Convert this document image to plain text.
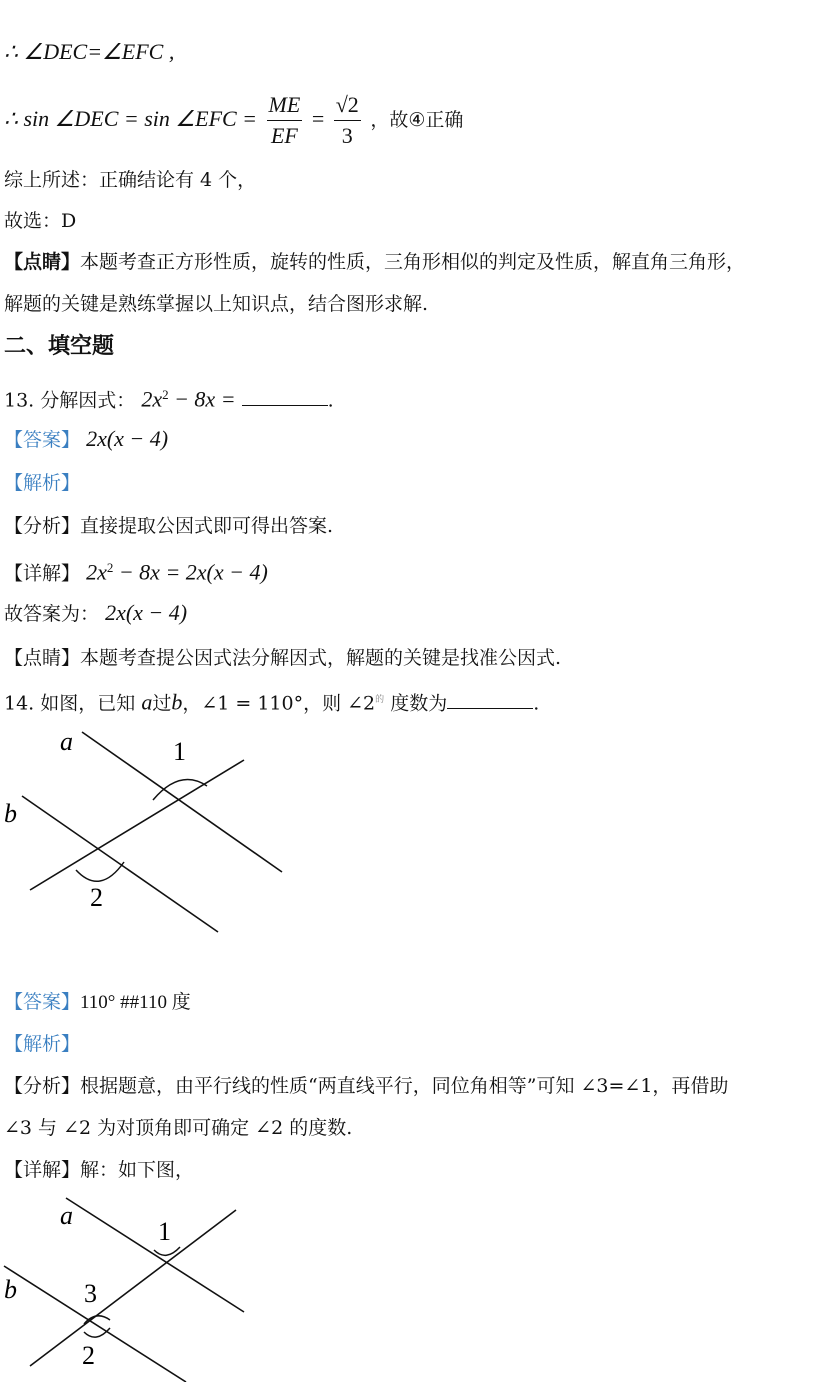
∴ ∠DEC=∠EFC ,
∴ sin ∠DEC = sin ∠EFC = $\frac{ME}{EF} = \frac{√2}{3}$ ，故④正确
综上所述：正确结论有 4 个，
故选：D
【点睛】本题考查正方形性质，旋转的性质，三角形相似的判定及性质，解直角三角形，
解题的关键是熟练掌握以上知识点，结合图形求解.
二、填空题
13. 分解因式： $2x^2 - 8x$ =	.
【答案】 2x(x − 4)
【解析】
【分析】直接提取公因式即可得出答案.
【详解】 $2x^2 - 8x = 2x(x - 4)$
故答案为： 2x(x − 4)
【点睛】本题考查提公因式法分解因式，解题的关键是找准公因式.
14. 如图，已知 a过b，∠1 = 110°，则 $\angle 2^的$ 度数为	.
a
b
1
2
【答案】110° ##110 度
【解析】
【分析】根据题意，由平行线的性质“两直线平行，同位角相等”可知 ∠3=∠1，再借助
∠3 与 ∠2 为对顶角即可确定 ∠2 的度数.
【详解】解：如下图，
a
b
1
3
2
